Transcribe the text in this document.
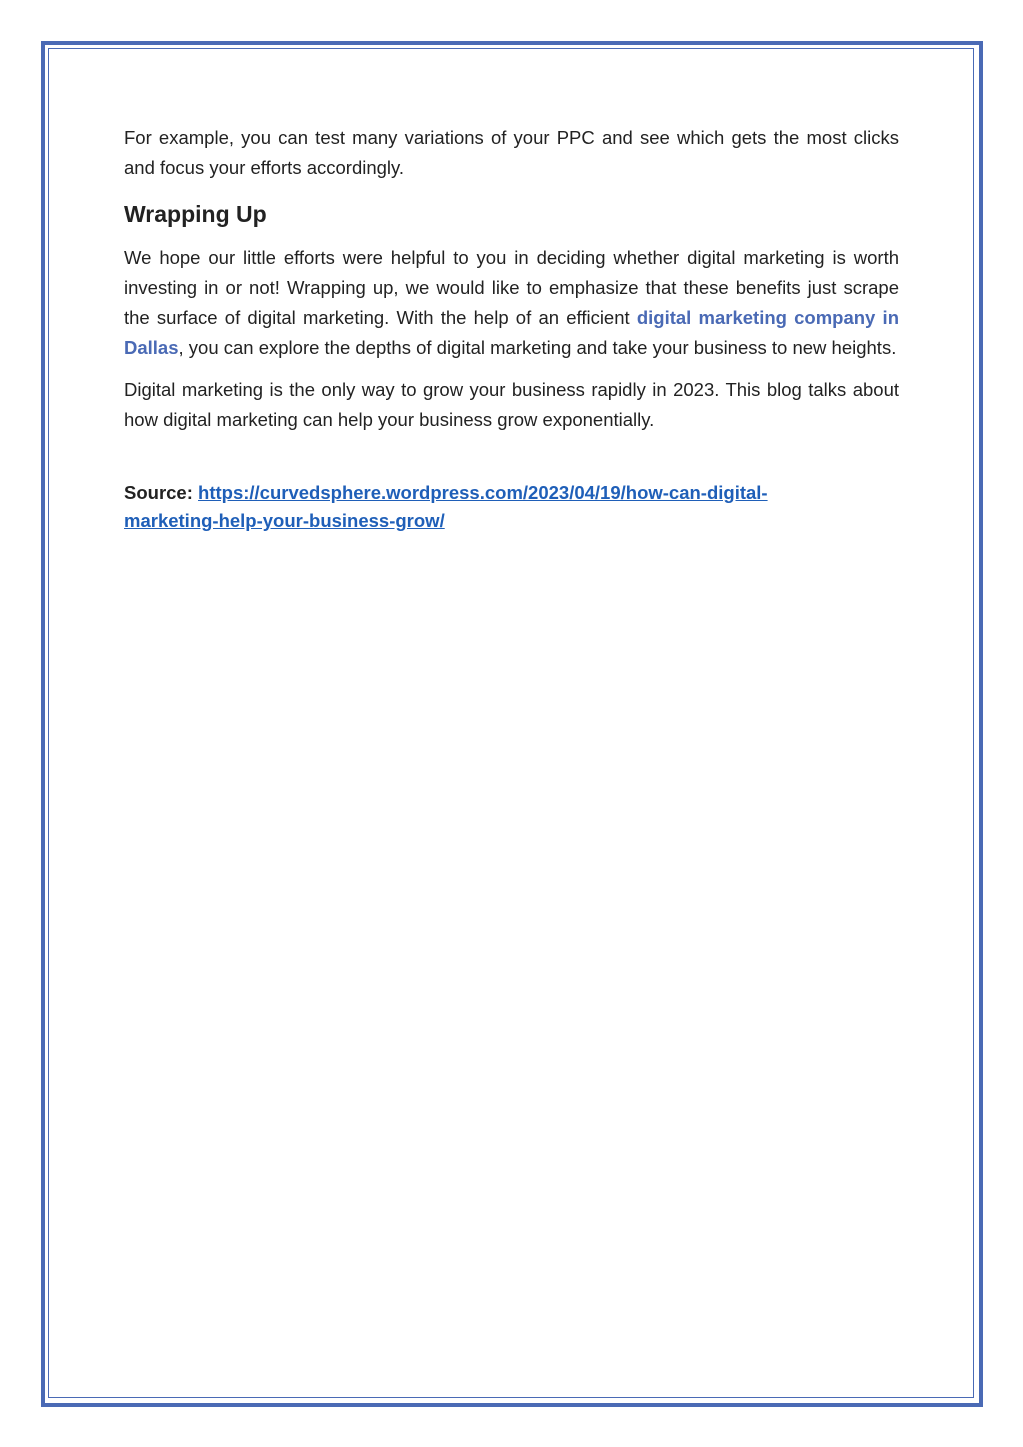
For example, you can test many variations of your PPC and see which gets the most clicks and focus your efforts accordingly.

Wrapping Up

We hope our little efforts were helpful to you in deciding whether digital marketing is worth investing in or not! Wrapping up, we would like to emphasize that these benefits just scrape the surface of digital marketing. With the help of an efficient digital marketing company in Dallas, you can explore the depths of digital marketing and take your business to new heights.

Digital marketing is the only way to grow your business rapidly in 2023. This blog talks about how digital marketing can help your business grow exponentially.

Source: https://curvedsphere.wordpress.com/2023/04/19/how-can-digital-
marketing-help-your-business-grow/
